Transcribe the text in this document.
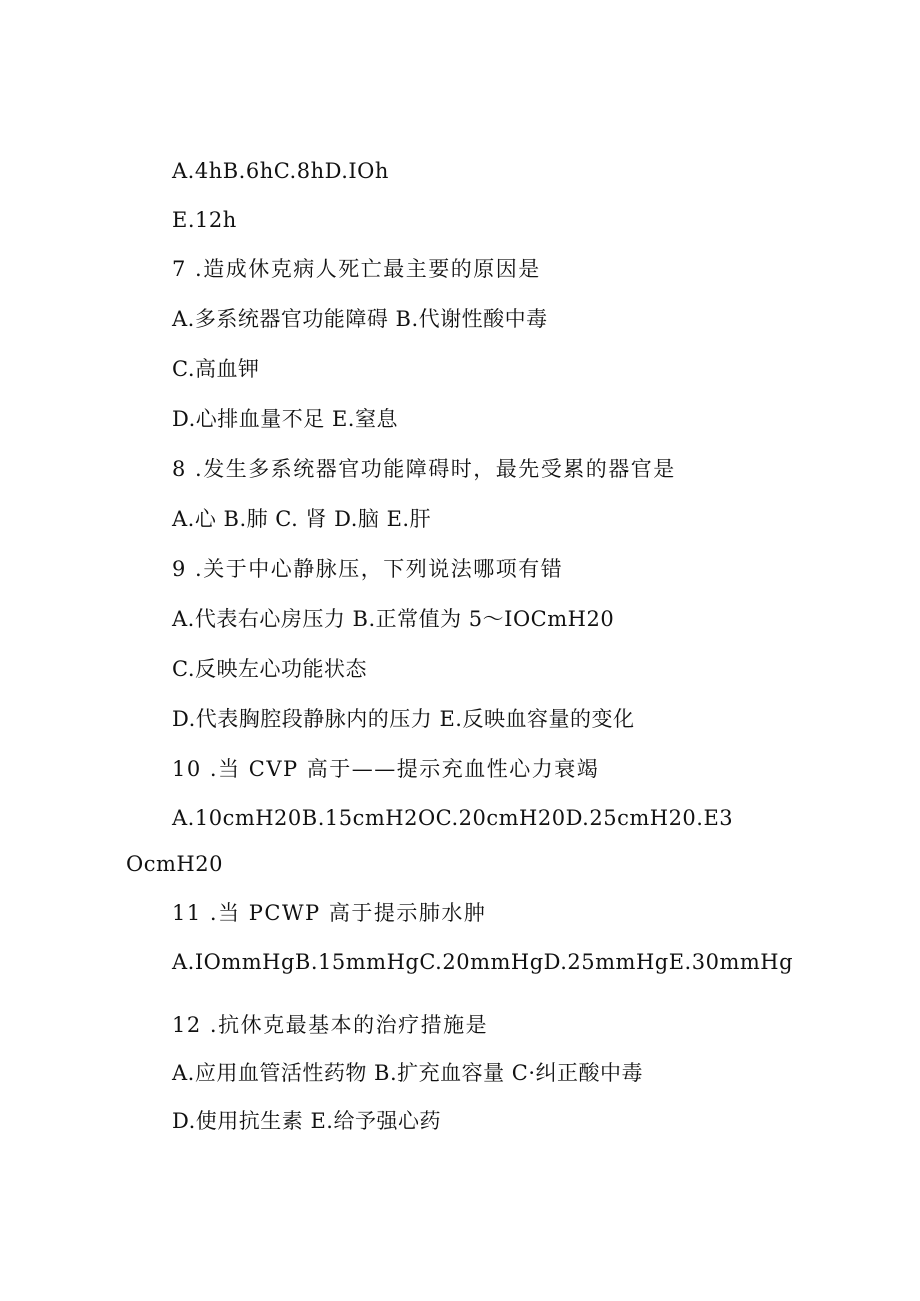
A.4hB.6hC.8hD.IOh
E.12h
7 .造成休克病人死亡最主要的原因是
A.多系统器官功能障碍 B.代谢性酸中毒
C.高血钾
D.心排血量不足 E.窒息
8 .发生多系统器官功能障碍时，最先受累的器官是
A.心 B.肺 C. 肾 D.脑 E.肝
9 .关于中心静脉压，下列说法哪项有错
A.代表右心房压力 B.正常值为 5～IOCmH20
C.反映左心功能状态
D.代表胸腔段静脉内的压力 E.反映血容量的变化
10 .当 CVP 高于——提示充血性心力衰竭
A.10cmH20B.15cmH2OC.20cmH20D.25cmH20.E3
OcmH20
11 .当 PCWP 高于提示肺水肿
A.IOmmHgB.15mmHgC.20mmHgD.25mmHgE.30mmHg
12 .抗休克最基本的治疗措施是
A.应用血管活性药物 B.扩充血容量 C·纠正酸中毒
D.使用抗生素 E.给予强心药
